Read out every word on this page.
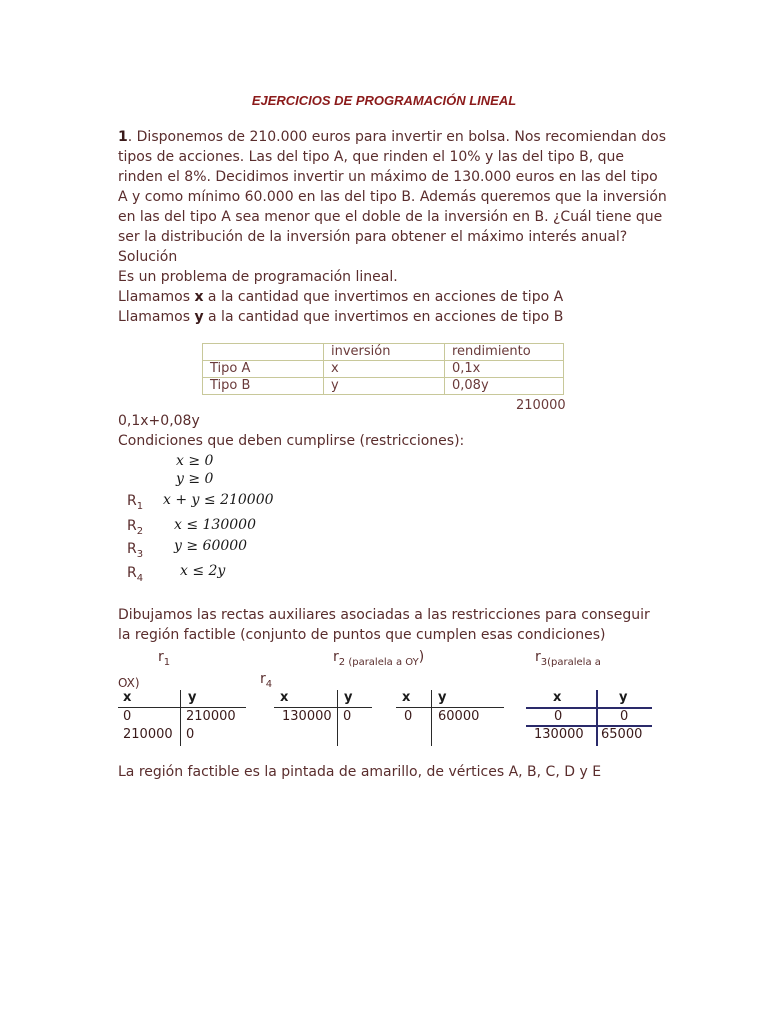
EJERCICIOS DE PROGRAMACIÓN LINEAL
1. Disponemos de 210.000 euros para invertir en bolsa. Nos recomiendan dos
tipos de acciones. Las del tipo A, que rinden el 10% y las del tipo B, que
rinden el 8%. Decidimos invertir un máximo de 130.000 euros en las del tipo
A y como mínimo 60.000 en las del tipo B. Además queremos que la inversión
en las del tipo A sea menor que el doble de la inversión en B. ¿Cuál tiene que
ser la distribución de la inversión para obtener el máximo interés anual?
Solución
Es un problema de programación lineal.
Llamamos x a la cantidad que invertimos en acciones de tipo A
Llamamos y a la cantidad que invertimos en acciones de tipo B
	inversión	rendimiento
Tipo A	x	0,1x
Tipo B	y	0,08y
210000
0,1x+0,08y
Condiciones que deben cumplirse (restricciones):
x ≥ 0
y ≥ 0
$R_1$ x + y ≤ 210000
$R_2$ x ≤ 130000
$R_3$
y ≥ 60000
$R_4$	x ≤ 2y
Dibujamos las rectas auxiliares asociadas a las restricciones para conseguir
la región factible (conjunto de puntos que cumplen esas condiciones)
$r_1$	$r_{2 (paralela a OY}$)	$r_{3(paralela a}$
$r_4$
OX)
x	y
0	210000
210000 0
x	y
130000 0
x y
0 60000
x	y
0	0
130000 65000
La región factible es la pintada de amarillo, de vértices A, B, C, D y E
